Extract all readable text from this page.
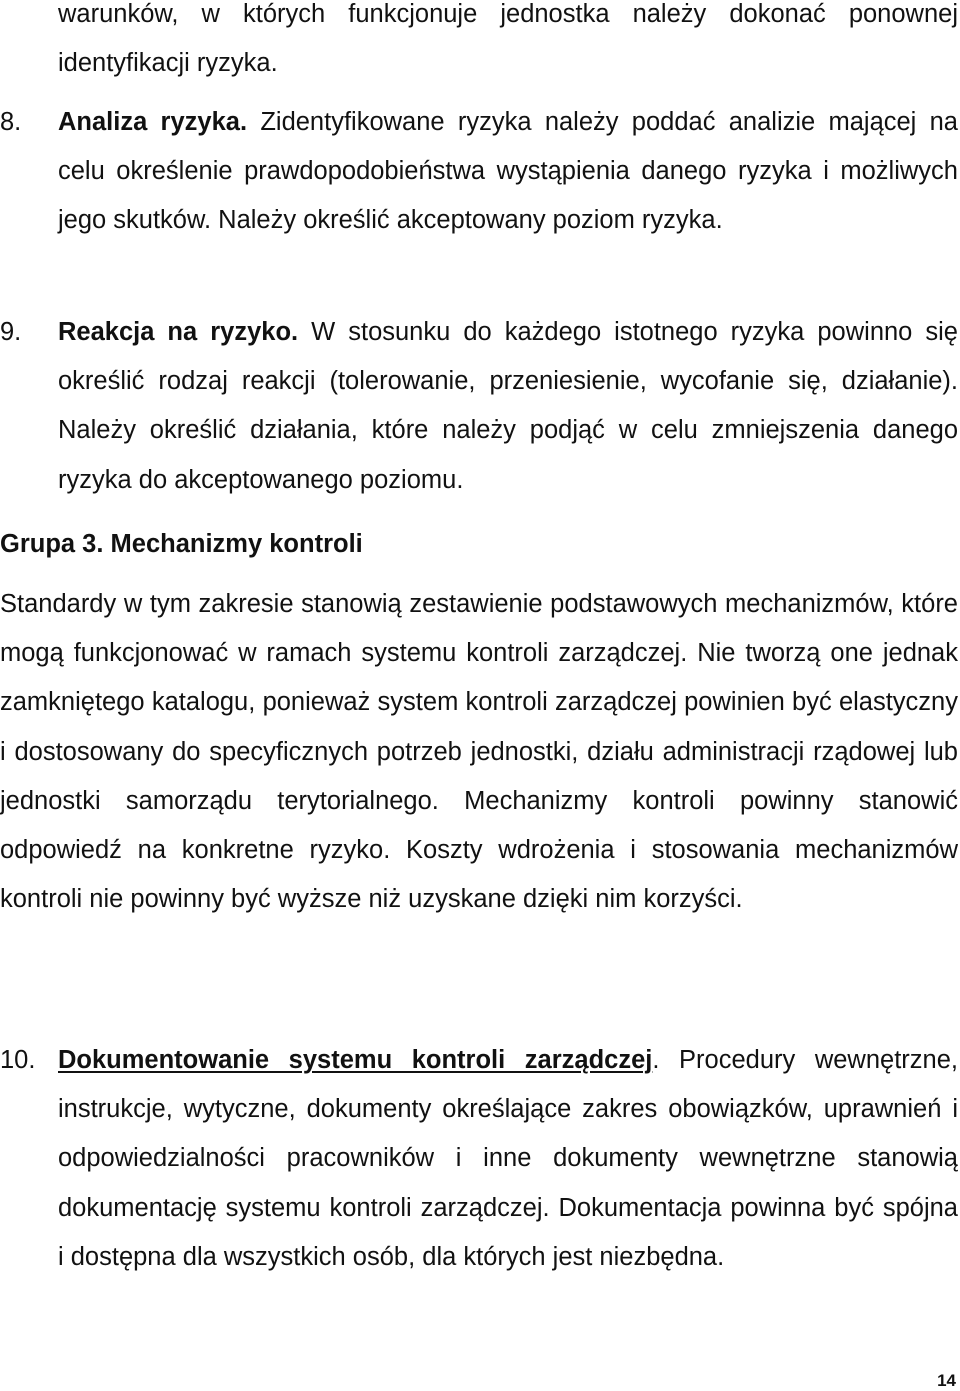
warunków, w których funkcjonuje jednostka należy dokonać ponownej identyfikacji ryzyka.

8. Analiza ryzyka. Zidentyfikowane ryzyka należy poddać analizie mającej na celu określenie prawdopodobieństwa wystąpienia danego ryzyka i możliwych jego skutków. Należy określić akceptowany poziom ryzyka.

9. Reakcja na ryzyko. W stosunku do każdego istotnego ryzyka powinno się określić rodzaj reakcji (tolerowanie, przeniesienie, wycofanie się, działanie). Należy określić działania, które należy podjąć w celu zmniejszenia danego ryzyka do akceptowanego poziomu.

Grupa 3. Mechanizmy kontroli

Standardy w tym zakresie stanowią zestawienie podstawowych mechanizmów, które mogą funkcjonować w ramach systemu kontroli zarządczej. Nie tworzą one jednak zamkniętego katalogu, ponieważ system kontroli zarządczej powinien być elastyczny i dostosowany do specyficznych potrzeb jednostki, działu administracji rządowej lub jednostki samorządu terytorialnego. Mechanizmy kontroli powinny stanowić odpowiedź na konkretne ryzyko. Koszty wdrożenia i stosowania mechanizmów kontroli nie powinny być wyższe niż uzyskane dzięki nim korzyści.

10. Dokumentowanie systemu kontroli zarządczej. Procedury wewnętrzne, instrukcje, wytyczne, dokumenty określające zakres obowiązków, uprawnień i odpowiedzialności pracowników i inne dokumenty wewnętrzne stanowią dokumentację systemu kontroli zarządczej. Dokumentacja powinna być spójna i dostępna dla wszystkich osób, dla których jest niezbędna.

14
